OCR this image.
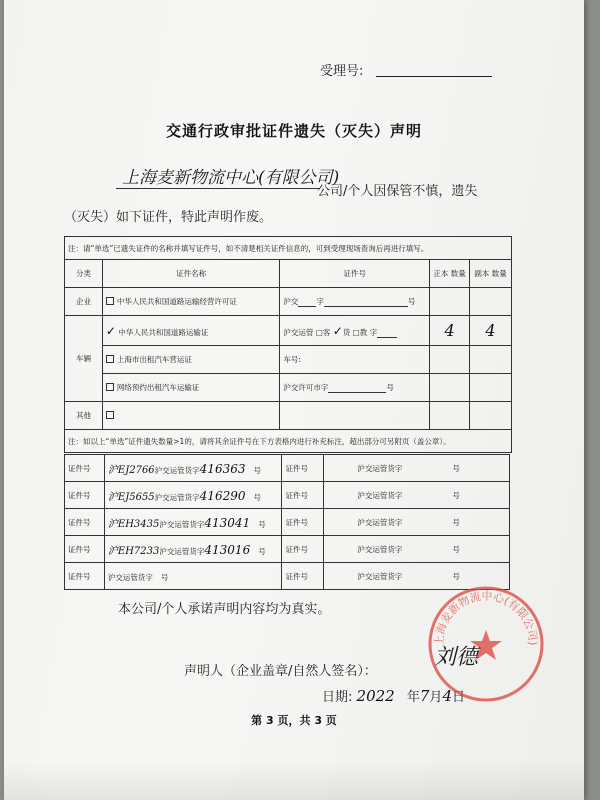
受理号:
交通行政审批证件遗失（灭失）声明
上海麦新物流中心(有限公司)
公司/个人因保管不慎，遗失
（灭失）如下证件，特此声明作废。
注：请“单选”已遗失证件的名称并填写证件号，如不清楚相关证件信息的，可到受理现场查询后再进行填写。				
分类	证件名称	证件号	正本 数量	副本 数量
企业	中华人民共和国道路运输经营许可证	沪交 字 号		
车辆	✓ 中华人民共和国道路运输证	沪交运管 □客 ✓货 □教 字	4	4
	上海市出租汽车营运证	车号:		
	网络预约出租汽车运输证	沪交许可市字 号		
其他				
注：如以上“单选”证件遗失数量>1的，请将其余证件号在下方表格内进行补充标注，超出部分可另附页（盖公章）。				
证件号	沪EJ2766沪交运管货字416363 号	证件号	沪交运管货字 号
证件号	沪EJ5655沪交运管货字416290 号	证件号	沪交运管货字 号
证件号	沪EH3435沪交运管货字413041 号	证件号	沪交运管货字 号
证件号	沪EH7233沪交运管货字413016 号	证件号	沪交运管货字 号
证件号	沪交运管货字 号	证件号	沪交运管货字 号
本公司/个人承诺声明内容均为真实。
声明人（企业盖章/自然人签名）：
刘德
日期: 2022 年7月4日
第 3 页，共 3 页
上海麦新物流中心(有限公司)
